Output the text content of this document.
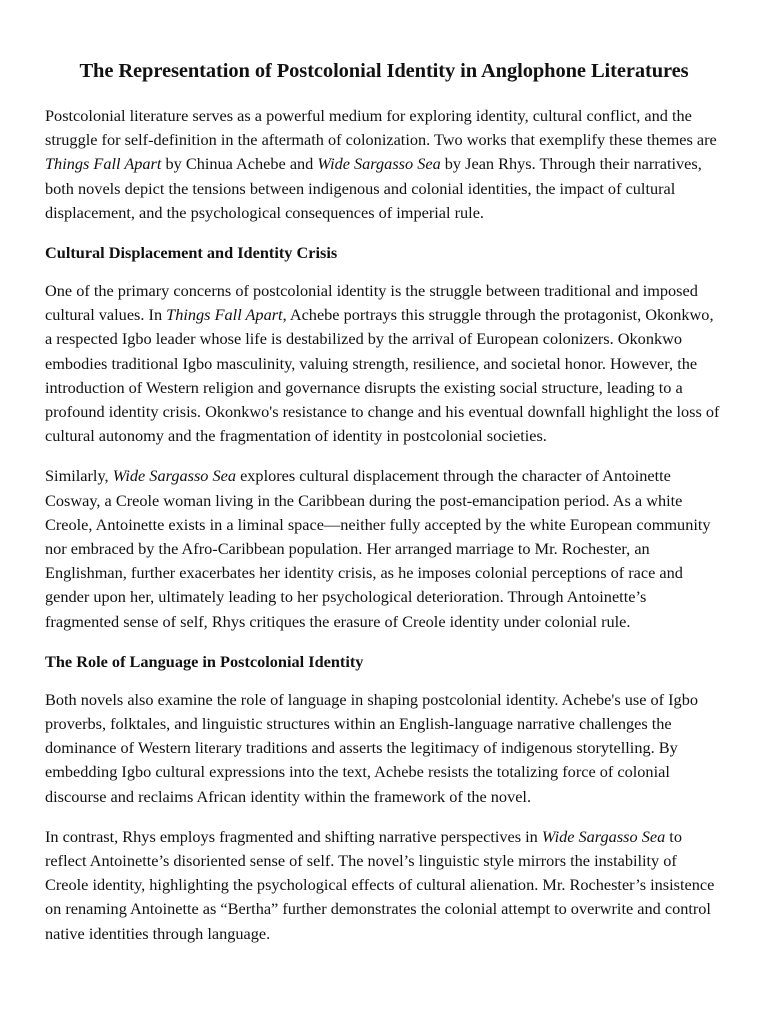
The Representation of Postcolonial Identity in Anglophone Literatures

Postcolonial literature serves as a powerful medium for exploring identity, cultural conflict, and the struggle for self-definition in the aftermath of colonization. Two works that exemplify these themes are Things Fall Apart by Chinua Achebe and Wide Sargasso Sea by Jean Rhys. Through their narratives, both novels depict the tensions between indigenous and colonial identities, the impact of cultural displacement, and the psychological consequences of imperial rule.

Cultural Displacement and Identity Crisis

One of the primary concerns of postcolonial identity is the struggle between traditional and imposed cultural values. In Things Fall Apart, Achebe portrays this struggle through the protagonist, Okonkwo, a respected Igbo leader whose life is destabilized by the arrival of European colonizers. Okonkwo embodies traditional Igbo masculinity, valuing strength, resilience, and societal honor. However, the introduction of Western religion and governance disrupts the existing social structure, leading to a profound identity crisis. Okonkwo's resistance to change and his eventual downfall highlight the loss of cultural autonomy and the fragmentation of identity in postcolonial societies.

Similarly, Wide Sargasso Sea explores cultural displacement through the character of Antoinette Cosway, a Creole woman living in the Caribbean during the post-emancipation period. As a white Creole, Antoinette exists in a liminal space—neither fully accepted by the white European community nor embraced by the Afro-Caribbean population. Her arranged marriage to Mr. Rochester, an Englishman, further exacerbates her identity crisis, as he imposes colonial perceptions of race and gender upon her, ultimately leading to her psychological deterioration. Through Antoinette’s fragmented sense of self, Rhys critiques the erasure of Creole identity under colonial rule.

The Role of Language in Postcolonial Identity

Both novels also examine the role of language in shaping postcolonial identity. Achebe's use of Igbo proverbs, folktales, and linguistic structures within an English-language narrative challenges the dominance of Western literary traditions and asserts the legitimacy of indigenous storytelling. By embedding Igbo cultural expressions into the text, Achebe resists the totalizing force of colonial discourse and reclaims African identity within the framework of the novel.

In contrast, Rhys employs fragmented and shifting narrative perspectives in Wide Sargasso Sea to reflect Antoinette’s disoriented sense of self. The novel’s linguistic style mirrors the instability of Creole identity, highlighting the psychological effects of cultural alienation. Mr. Rochester’s insistence on renaming Antoinette as “Bertha” further demonstrates the colonial attempt to overwrite and control native identities through language.
